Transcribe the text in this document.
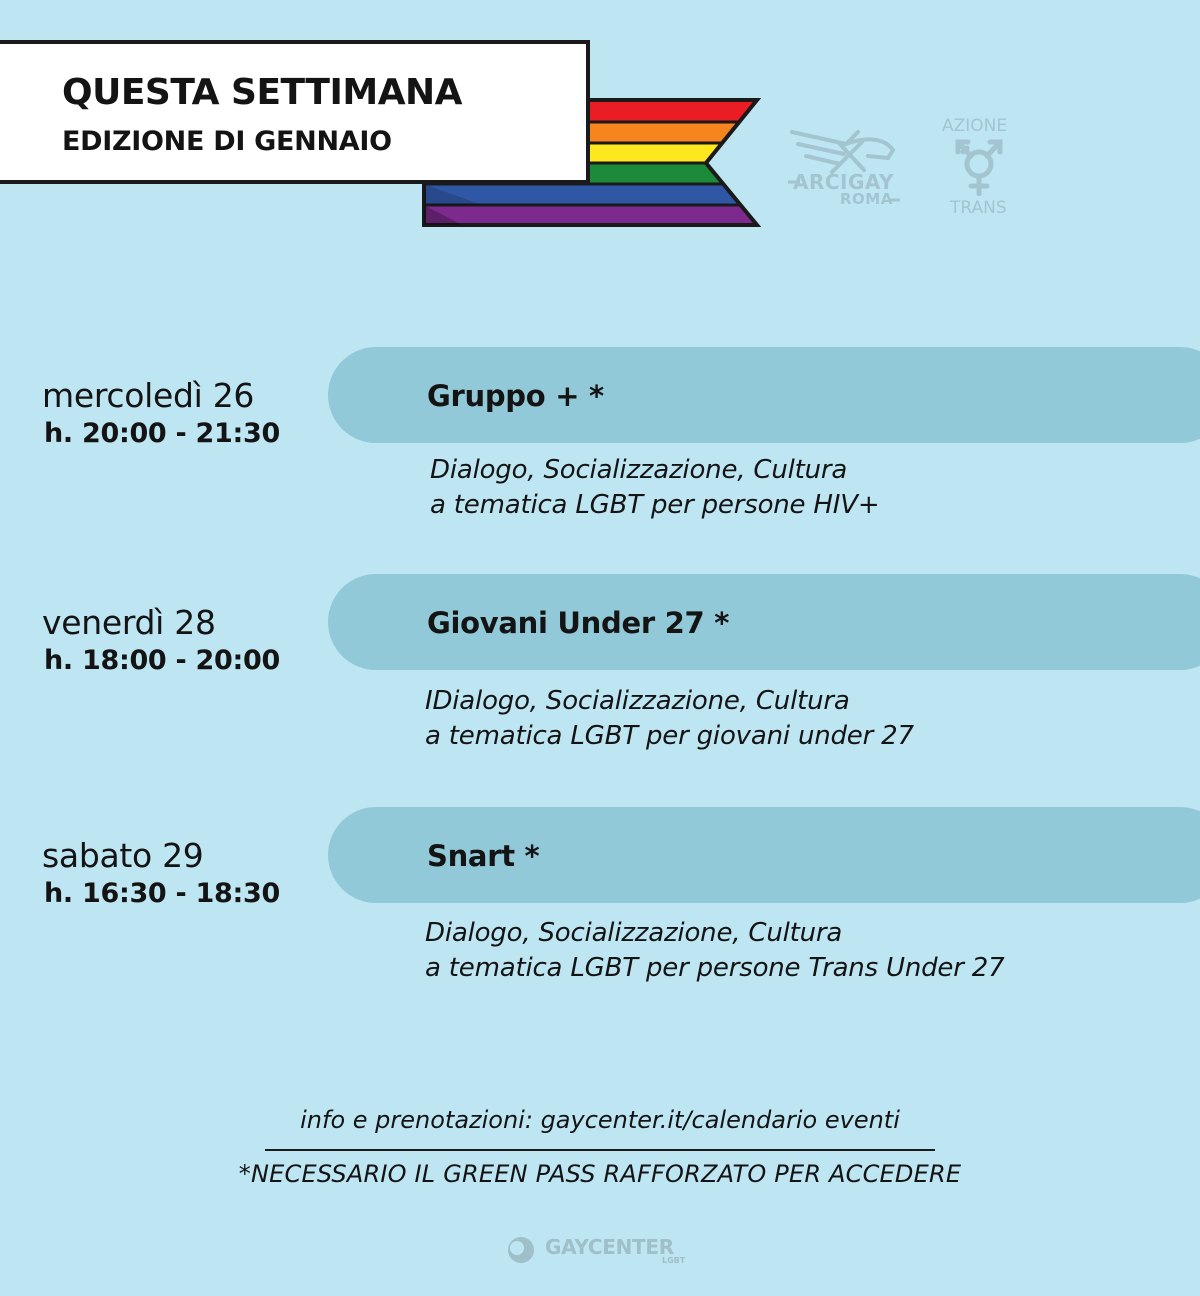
QUESTA SETTIMANA
EDIZIONE DI GENNAIO
ARCIGAY
ROMA
AZIONE
TRANS
mercoledì 26
h. 20:00 - 21:30
Gruppo + *
Dialogo, Socializzazione, Cultura
a tematica LGBT per persone HIV+
venerdì 28
h. 18:00 - 20:00
Giovani Under 27 *
IDialogo, Socializzazione, Cultura
a tematica LGBT per giovani under 27
sabato 29
h. 16:30 - 18:30
Snart *
Dialogo, Socializzazione, Cultura
a tematica LGBT per persone Trans Under 27
info e prenotazioni: gaycenter.it/calendario eventi
*NECESSARIO IL GREEN PASS RAFFORZATO PER ACCEDERE
GAYCENTER
LGBT
